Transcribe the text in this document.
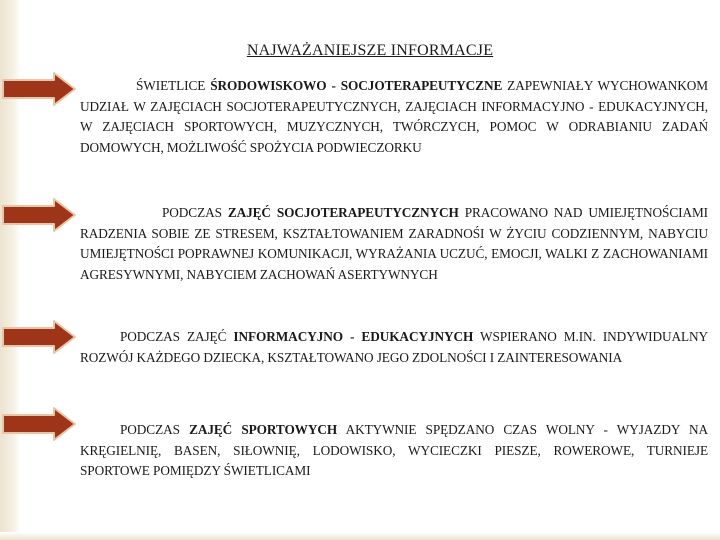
NAJWAŻANIEJSZE INFORMACJE
ŚWIETLICE ŚRODOWISKOWO - SOCJOTERAPEUTYCZNE ZAPEWNIAŁY WYCHOWANKOM UDZIAŁ W ZAJĘCIACH SOCJOTERAPEUTYCZNYCH, ZAJĘCIACH INFORMACYJNO - EDUKACYJNYCH, W ZAJĘCIACH SPORTOWYCH, MUZYCZNYCH, TWÓRCZYCH, POMOC W ODRABIANIU ZADAŃ DOMOWYCH, MOŻLIWOŚĆ SPOŻYCIA PODWIECZORKU
PODCZAS ZAJĘĆ SOCJOTERAPEUTYCZNYCH PRACOWANO NAD UMIEJĘTNOŚCIAMI RADZENIA SOBIE ZE STRESEM, KSZTAŁTOWANIEM ZARADNOŚI W ŻYCIU CODZIENNYM, NABYCIU UMIEJĘTNOŚCI POPRAWNEJ KOMUNIKACJI, WYRAŻANIA UCZUĆ, EMOCJI, WALKI Z ZACHOWANIAMI AGRESYWNYMI, NABYCIEM ZACHOWAŃ ASERTYWNYCH
PODCZAS ZAJĘĆ INFORMACYJNO - EDUKACYJNYCH WSPIERANO M.IN. INDYWIDUALNY ROZWÓJ KAŻDEGO DZIECKA, KSZTAŁTOWANO JEGO ZDOLNOŚCI I ZAINTERESOWANIA
PODCZAS ZAJĘĆ SPORTOWYCH AKTYWNIE SPĘDZANO CZAS WOLNY - WYJAZDY NA KRĘGIELNIĘ, BASEN, SIŁOWNIĘ, LODOWISKO, WYCIECZKI PIESZE, ROWEROWE, TURNIEJE SPORTOWE POMIĘDZY ŚWIETLICAMI
